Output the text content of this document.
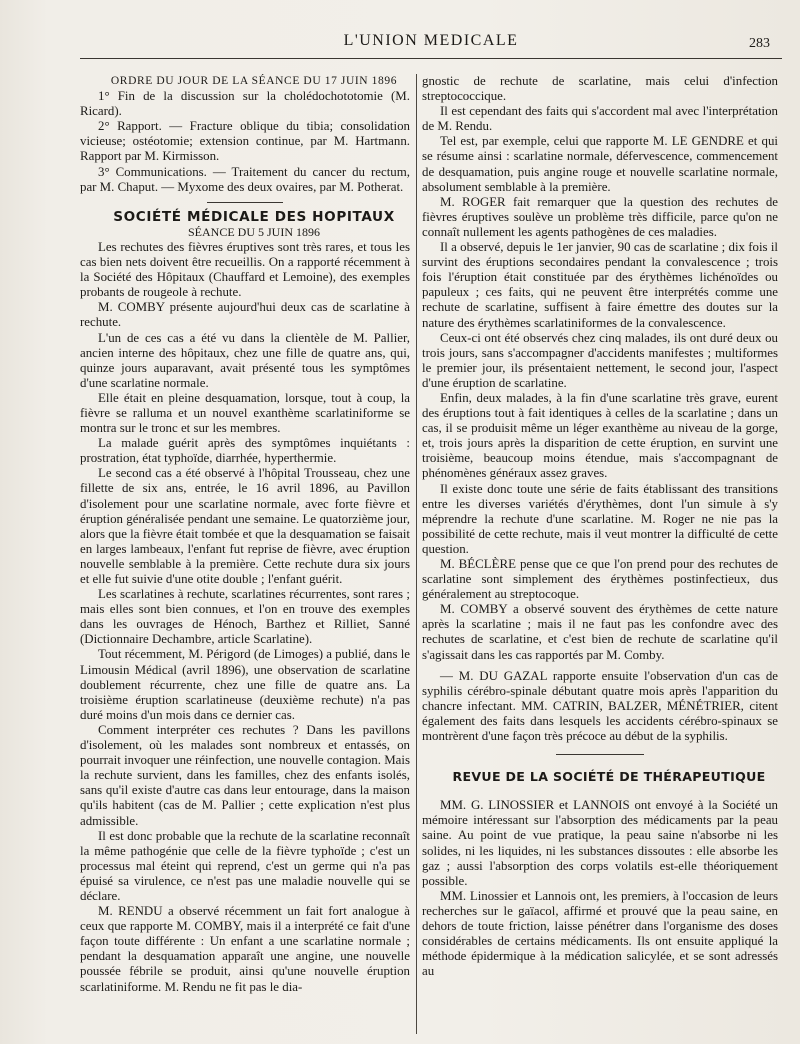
L'UNION MEDICALE	283

ORDRE DU JOUR DE LA SÉANCE DU 17 JUIN 1896

1° Fin de la discussion sur la cholédochototomie (M. Ricard).

2° Rapport. — Fracture oblique du tibia; consolidation vicieuse; ostéotomie; extension continue, par M. Hartmann. Rapport par M. Kirmisson.

3° Communications. — Traitement du cancer du rectum, par M. Chaput. — Myxome des deux ovaires, par M. Potherat.

SOCIÉTÉ MÉDICALE DES HOPITAUX

SÉANCE DU 5 JUIN 1896

Les rechutes des fièvres éruptives sont très rares, et tous les cas bien nets doivent être recueillis. On a rapporté récemment à la Société des Hôpitaux (Chauffard et Lemoine), des exemples probants de rougeole à rechute.

M. COMBY présente aujourd'hui deux cas de scarlatine à rechute.

L'un de ces cas a été vu dans la clientèle de M. Pallier, ancien interne des hôpitaux, chez une fille de quatre ans, qui, quinze jours auparavant, avait présenté tous les symptômes d'une scarlatine normale.

Elle était en pleine desquamation, lorsque, tout à coup, la fièvre se ralluma et un nouvel exanthème scarlatiniforme se montra sur le tronc et sur les membres.

La malade guérit après des symptômes inquiétants : prostration, état typhoïde, diarrhée, hyperthermie.

Le second cas a été observé à l'hôpital Trousseau, chez une fillette de six ans, entrée, le 16 avril 1896, au Pavillon d'isolement pour une scarlatine normale, avec forte fièvre et éruption généralisée pendant une semaine. Le quatorzième jour, alors que la fièvre était tombée et que la desquamation se faisait en larges lambeaux, l'enfant fut reprise de fièvre, avec éruption nouvelle semblable à la première. Cette rechute dura six jours et elle fut suivie d'une otite double ; l'enfant guérit.

Les scarlatines à rechute, scarlatines récurrentes, sont rares ; mais elles sont bien connues, et l'on en trouve des exemples dans les ouvrages de Hénoch, Barthez et Rilliet, Sanné (Dictionnaire Dechambre, article Scarlatine).

Tout récemment, M. Périgord (de Limoges) a publié, dans le Limousin Médical (avril 1896), une observation de scarlatine doublement récurrente, chez une fille de quatre ans. La troisième éruption scarlatineuse (deuxième rechute) n'a pas duré moins d'un mois dans ce dernier cas.

Comment interpréter ces rechutes ? Dans les pavillons d'isolement, où les malades sont nombreux et entassés, on pourrait invoquer une réinfection, une nouvelle contagion. Mais la rechute survient, dans les familles, chez des enfants isolés, sans qu'il existe d'autre cas dans leur entourage, dans la maison qu'ils habitent (cas de M. Pallier ; cette explication n'est plus admissible.

Il est donc probable que la rechute de la scarlatine reconnaît la même pathogénie que celle de la fièvre typhoïde ; c'est un processus mal éteint qui reprend, c'est un germe qui n'a pas épuisé sa virulence, ce n'est pas une maladie nouvelle qui se déclare.

M. RENDU a observé récemment un fait fort analogue à ceux que rapporte M. COMBY, mais il a interprété ce fait d'une façon toute différente : Un enfant a une scarlatine normale ; pendant la desquamation apparaît une angine, une nouvelle poussée fébrile se produit, ainsi qu'une nouvelle éruption scarlatiniforme. M. Rendu ne fit pas le dia-

gnostic de rechute de scarlatine, mais celui d'infection streptococcique.

Il est cependant des faits qui s'accordent mal avec l'interprétation de M. Rendu.

Tel est, par exemple, celui que rapporte M. LE GENDRE et qui se résume ainsi : scarlatine normale, défervescence, commencement de desquamation, puis angine rouge et nouvelle scarlatine normale, absolument semblable à la première.

M. ROGER fait remarquer que la question des rechutes de fièvres éruptives soulève un problème très difficile, parce qu'on ne connaît nullement les agents pathogènes de ces maladies.

Il a observé, depuis le 1er janvier, 90 cas de scarlatine ; dix fois il survint des éruptions secondaires pendant la convalescence ; trois fois l'éruption était constituée par des érythèmes lichénoïdes ou papuleux ; ces faits, qui ne peuvent être interprétés comme une rechute de scarlatine, suffisent à faire émettre des doutes sur la nature des érythèmes scarlatiniformes de la convalescence.

Ceux-ci ont été observés chez cinq malades, ils ont duré deux ou trois jours, sans s'accompagner d'accidents manifestes ; multiformes le premier jour, ils présentaient nettement, le second jour, l'aspect d'une éruption de scarlatine.

Enfin, deux malades, à la fin d'une scarlatine très grave, eurent des éruptions tout à fait identiques à celles de la scarlatine ; dans un cas, il se produisit même un léger exanthème au niveau de la gorge, et, trois jours après la disparition de cette éruption, en survint une troisième, beaucoup moins étendue, mais s'accompagnant de phénomènes généraux assez graves.

Il existe donc toute une série de faits établissant des transitions entre les diverses variétés d'érythèmes, dont l'un simule à s'y méprendre la rechute d'une scarlatine. M. Roger ne nie pas la possibilité de cette rechute, mais il veut montrer la difficulté de cette question.

M. BÉCLÈRE pense que ce que l'on prend pour des rechutes de scarlatine sont simplement des érythèmes postinfectieux, dus généralement au streptocoque.

M. COMBY a observé souvent des érythèmes de cette nature après la scarlatine ; mais il ne faut pas les confondre avec des rechutes de scarlatine, et c'est bien de rechute de scarlatine qu'il s'agissait dans les cas rapportés par M. Comby.

— M. DU GAZAL rapporte ensuite l'observation d'un cas de syphilis cérébro-spinale débutant quatre mois après l'apparition du chancre infectant. MM. CATRIN, BALZER, MÉNÉTRIER, citent également des faits dans lesquels les accidents cérébro-spinaux se montrèrent d'une façon très précoce au début de la syphilis.

REVUE DE LA SOCIÉTÉ DE THÉRAPEUTIQUE

MM. G. LINOSSIER et LANNOIS ont envoyé à la Société un mémoire intéressant sur l'absorption des médicaments par la peau saine. Au point de vue pratique, la peau saine n'absorbe ni les solides, ni les liquides, ni les substances dissoutes : elle absorbe les gaz ; aussi l'absorption des corps volatils est-elle théoriquement possible.

MM. Linossier et Lannois ont, les premiers, à l'occasion de leurs recherches sur le gaïacol, affirmé et prouvé que la peau saine, en dehors de toute friction, laisse pénétrer dans l'organisme des doses considérables de certains médicaments. Ils ont ensuite appliqué la méthode épidermique à la médication salicylée, et se sont adressés au
